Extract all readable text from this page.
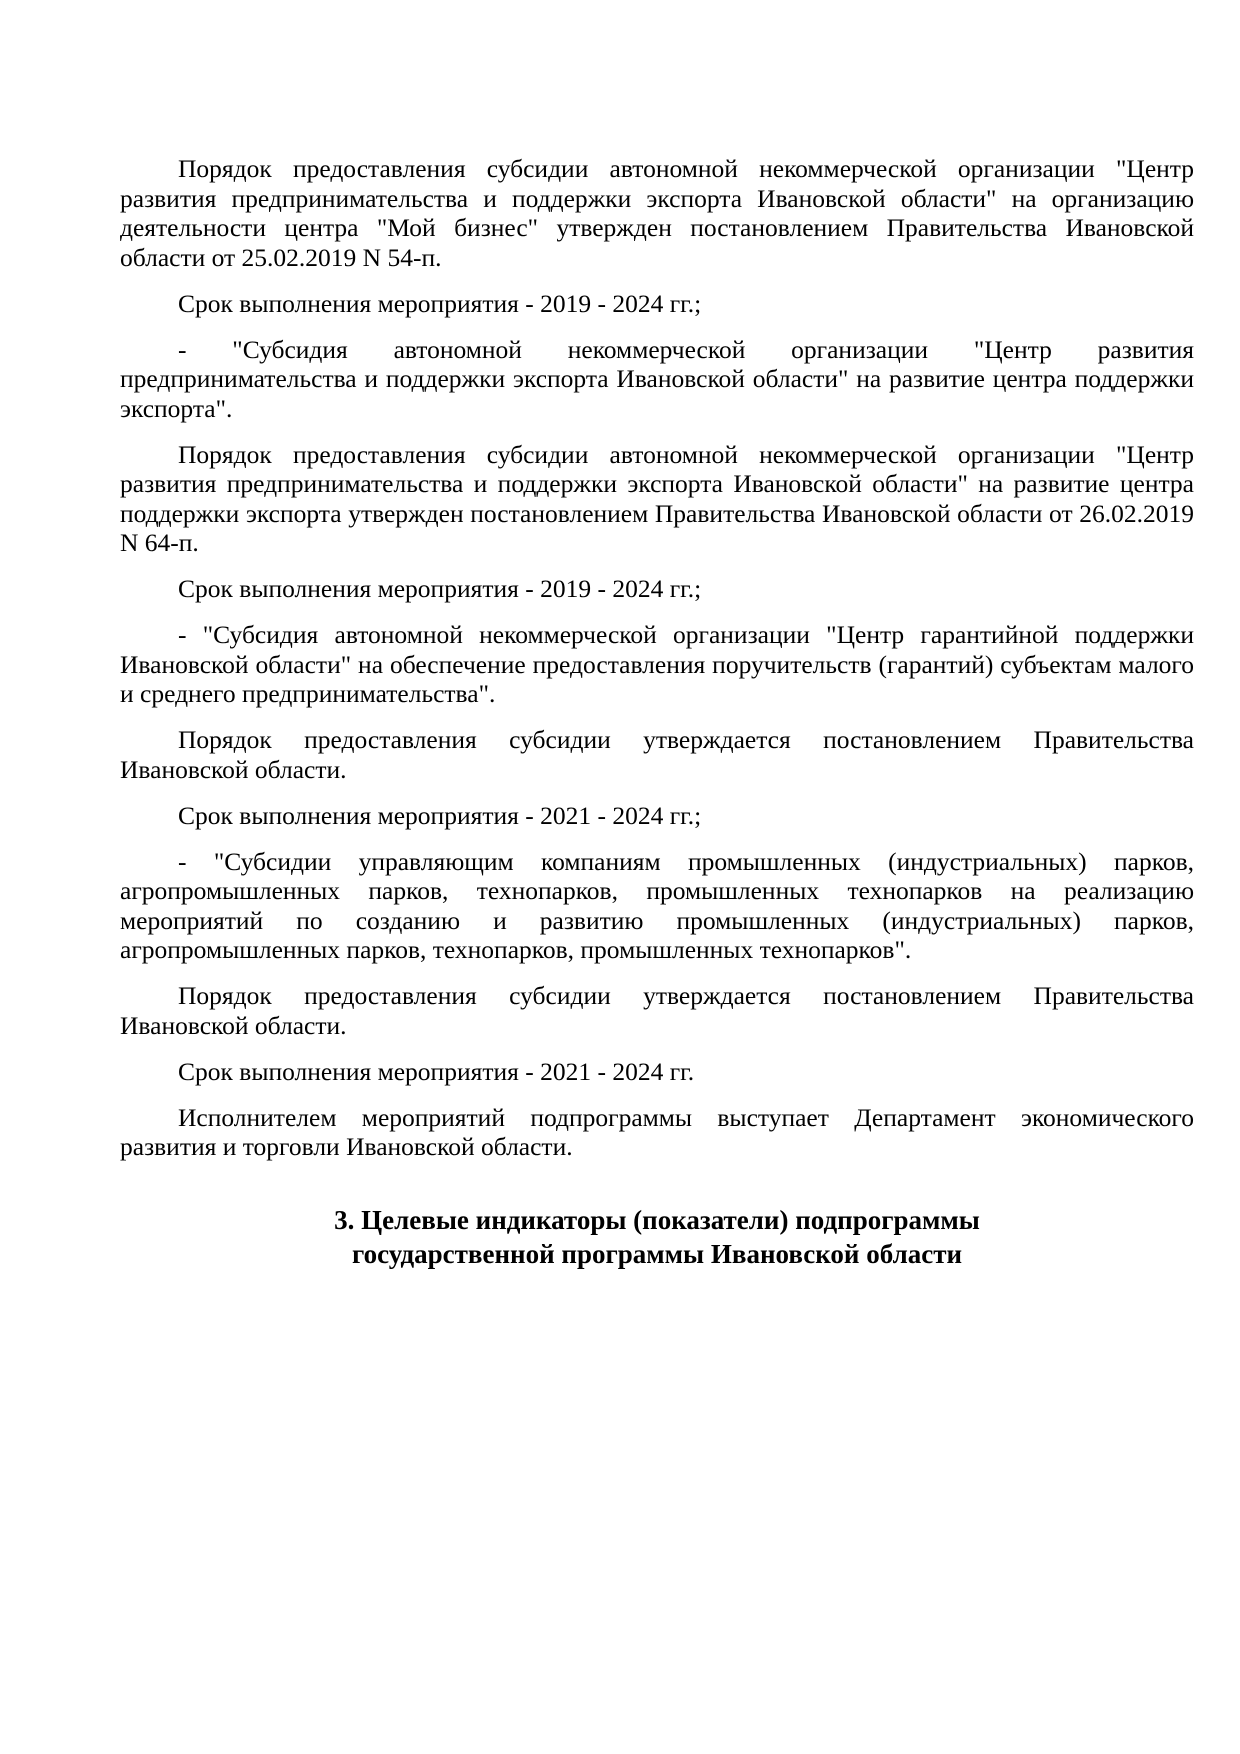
Порядок предоставления субсидии автономной некоммерческой организации "Центр развития предпринимательства и поддержки экспорта Ивановской области" на организацию деятельности центра "Мой бизнес" утвержден постановлением Правительства Ивановской области от 25.02.2019 N 54-п.

Срок выполнения мероприятия - 2019 - 2024 гг.;

- "Субсидия автономной некоммерческой организации "Центр развития предпринимательства и поддержки экспорта Ивановской области" на развитие центра поддержки экспорта".

Порядок предоставления субсидии автономной некоммерческой организации "Центр развития предпринимательства и поддержки экспорта Ивановской области" на развитие центра поддержки экспорта утвержден постановлением Правительства Ивановской области от 26.02.2019 N 64-п.

Срок выполнения мероприятия - 2019 - 2024 гг.;

- "Субсидия автономной некоммерческой организации "Центр гарантийной поддержки Ивановской области" на обеспечение предоставления поручительств (гарантий) субъектам малого и среднего предпринимательства".

Порядок предоставления субсидии утверждается постановлением Правительства Ивановской области.

Срок выполнения мероприятия - 2021 - 2024 гг.;

- "Субсидии управляющим компаниям промышленных (индустриальных) парков, агропромышленных парков, технопарков, промышленных технопарков на реализацию мероприятий по созданию и развитию промышленных (индустриальных) парков, агропромышленных парков, технопарков, промышленных технопарков".

Порядок предоставления субсидии утверждается постановлением Правительства Ивановской области.

Срок выполнения мероприятия - 2021 - 2024 гг.

Исполнителем мероприятий подпрограммы выступает Департамент экономического развития и торговли Ивановской области.

3. Целевые индикаторы (показатели) подпрограммы
государственной программы Ивановской области
